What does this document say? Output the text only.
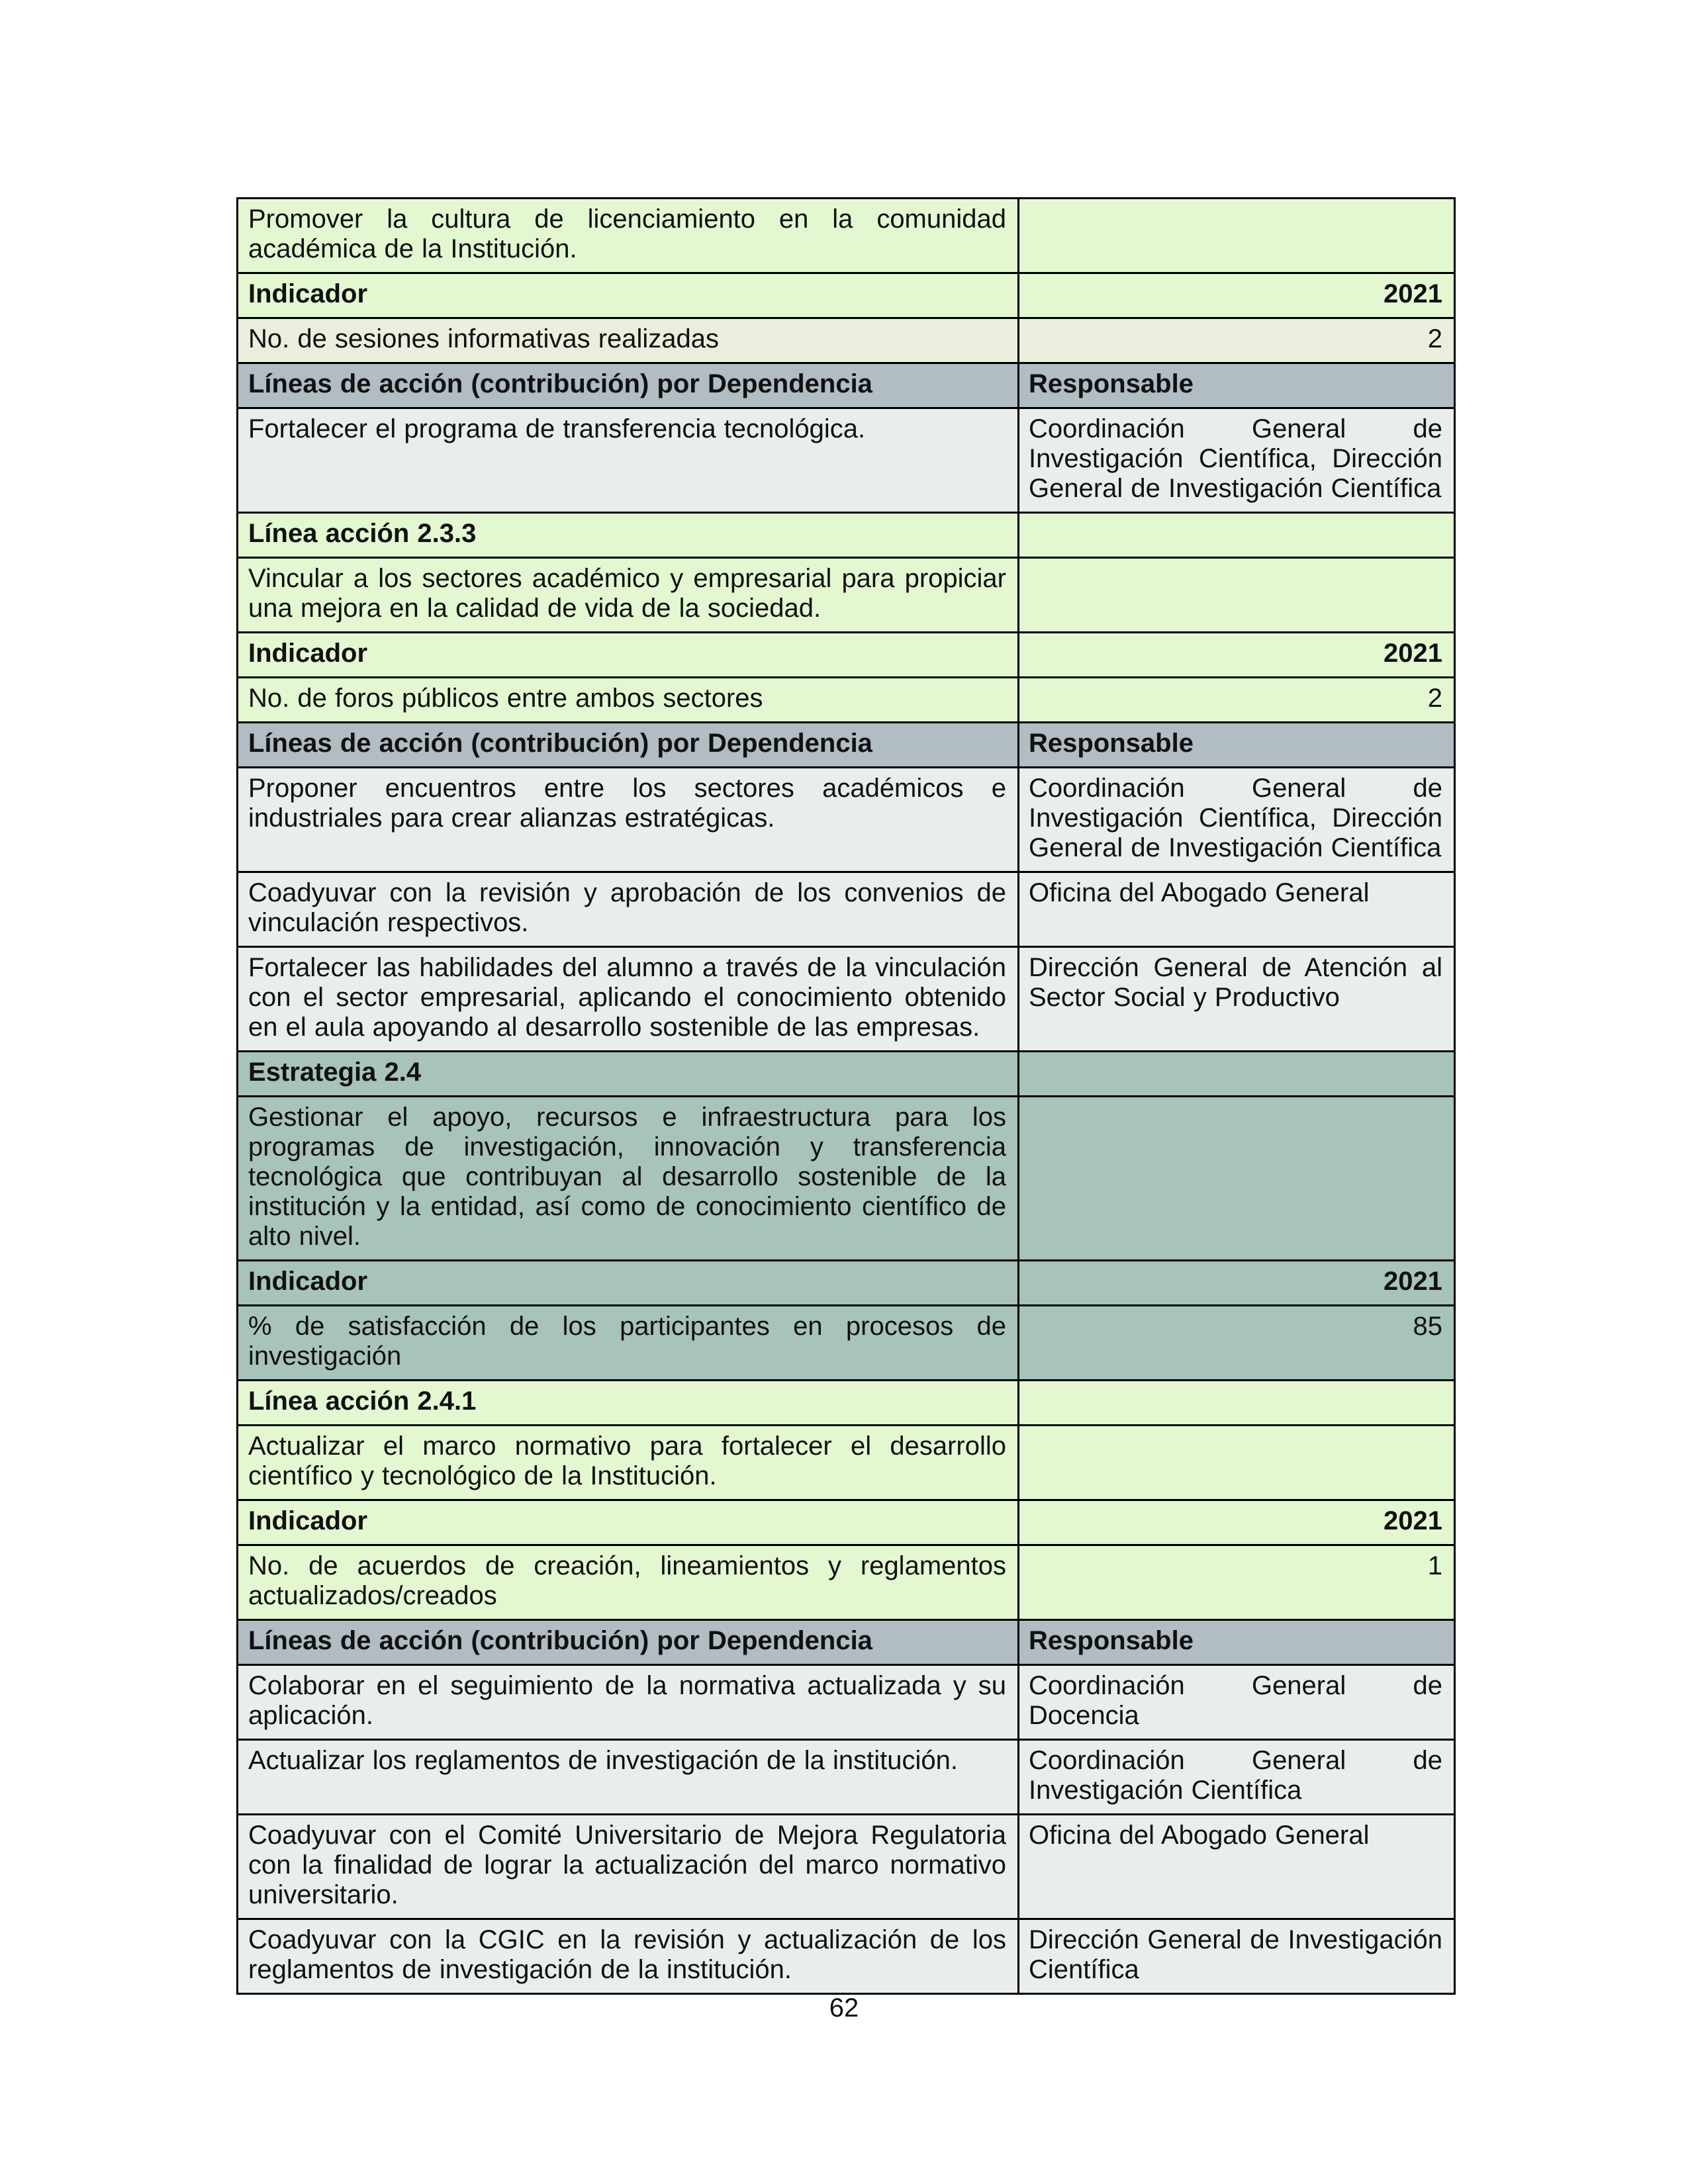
Promover la cultura de licenciamiento en la comunidad académica de la Institución.	
Indicador	2021
No. de sesiones informativas realizadas	2
Líneas de acción (contribución) por Dependencia	Responsable
Fortalecer el programa de transferencia tecnológica.	Coordinación General de Investigación Científica, Dirección General de Investigación Científica
Línea acción 2.3.3	
Vincular a los sectores académico y empresarial para propiciar una mejora en la calidad de vida de la sociedad.	
Indicador	2021
No. de foros públicos entre ambos sectores	2
Líneas de acción (contribución) por Dependencia	Responsable
Proponer encuentros entre los sectores académicos e industriales para crear alianzas estratégicas.	Coordinación General de Investigación Científica, Dirección General de Investigación Científica
Coadyuvar con la revisión y aprobación de los convenios de vinculación respectivos.	Oficina del Abogado General
Fortalecer las habilidades del alumno a través de la vinculación con el sector empresarial, aplicando el conocimiento obtenido en el aula apoyando al desarrollo sostenible de las empresas.	Dirección General de Atención al Sector Social y Productivo
Estrategia 2.4	
Gestionar el apoyo, recursos e infraestructura para los programas de investigación, innovación y transferencia tecnológica que contribuyan al desarrollo sostenible de la institución y la entidad, así como de conocimiento científico de alto nivel.	
Indicador	2021
% de satisfacción de los participantes en procesos de investigación	85
Línea acción 2.4.1	
Actualizar el marco normativo para fortalecer el desarrollo científico y tecnológico de la Institución.	
Indicador	2021
No. de acuerdos de creación, lineamientos y reglamentos actualizados/creados	1
Líneas de acción (contribución) por Dependencia	Responsable
Colaborar en el seguimiento de la normativa actualizada y su aplicación.	Coordinación General de Docencia
Actualizar los reglamentos de investigación de la institución.	Coordinación General de Investigación Científica
Coadyuvar con el Comité Universitario de Mejora Regulatoria con la finalidad de lograr la actualización del marco normativo universitario.	Oficina del Abogado General
Coadyuvar con la CGIC en la revisión y actualización de los reglamentos de investigación de la institución.	Dirección General de Investigación Científica
62
